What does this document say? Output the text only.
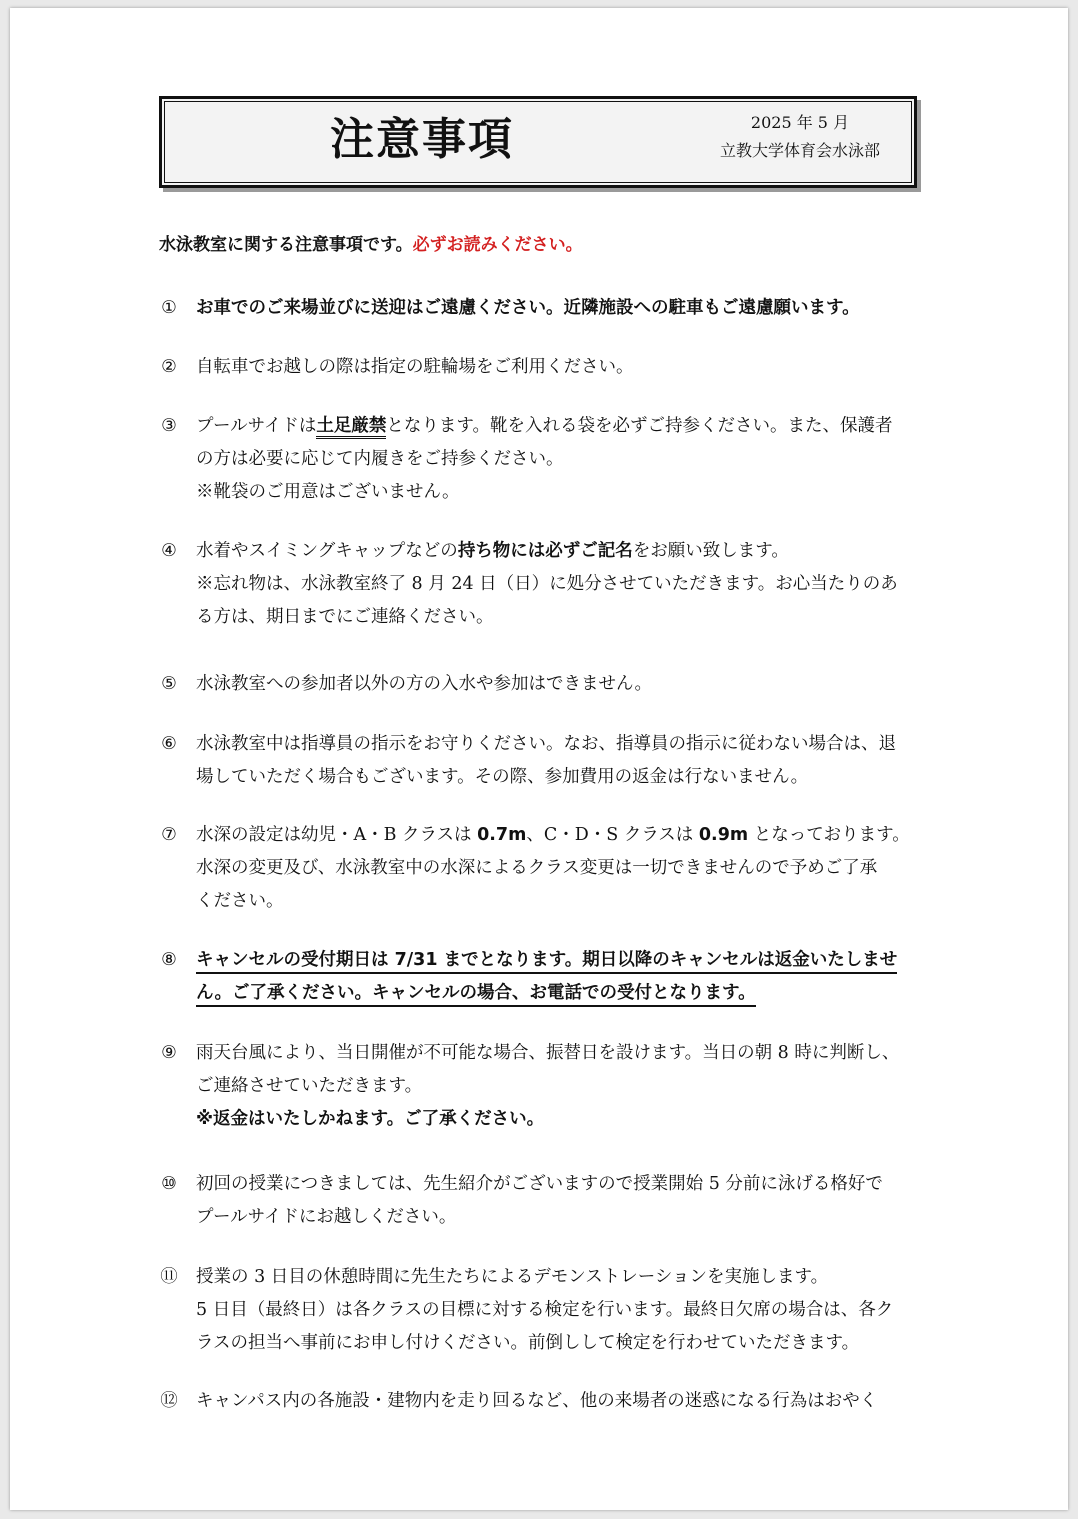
注意事項	2025 年 5 月
立教大学体育会水泳部
水泳教室に関する注意事項です。必ずお読みください。
① お車でのご来場並びに送迎はご遠慮ください。近隣施設への駐車もご遠慮願います。
② 自転車でお越しの際は指定の駐輪場をご利用ください。
③ プールサイドは土足厳禁となります。靴を入れる袋を必ずご持参ください。また、保護者
の方は必要に応じて内履きをご持参ください。
※靴袋のご用意はございません。
④ 水着やスイミングキャップなどの持ち物には必ずご記名をお願い致します。
※忘れ物は、水泳教室終了 8 月 24 日（日）に処分させていただきます。お心当たりのあ
る方は、期日までにご連絡ください。
⑤ 水泳教室への参加者以外の方の入水や参加はできません。
⑥ 水泳教室中は指導員の指示をお守りください。なお、指導員の指示に従わない場合は、退
場していただく場合もございます。その際、参加費用の返金は行ないません。
⑦ 水深の設定は幼児・A・B クラスは 0.7m、C・D・S クラスは 0.9m となっております。
水深の変更及び、水泳教室中の水深によるクラス変更は一切できませんので予めご了承
ください。
⑧ キャンセルの受付期日は 7/31 までとなります。期日以降のキャンセルは返金いたしませ
ん。ご了承ください。キャンセルの場合、お電話での受付となります。
⑨ 雨天台風により、当日開催が不可能な場合、振替日を設けます。当日の朝 8 時に判断し、
ご連絡させていただきます。
※返金はいたしかねます。ご了承ください。
⑩ 初回の授業につきましては、先生紹介がございますので授業開始 5 分前に泳げる格好で
プールサイドにお越しください。
⑪ 授業の 3 日目の休憩時間に先生たちによるデモンストレーションを実施します。
5 日目（最終日）は各クラスの目標に対する検定を行います。最終日欠席の場合は、各ク
ラスの担当へ事前にお申し付けください。前倒しして検定を行わせていただきます。
⑫ キャンパス内の各施設・建物内を走り回るなど、他の来場者の迷惑になる行為はおやく
